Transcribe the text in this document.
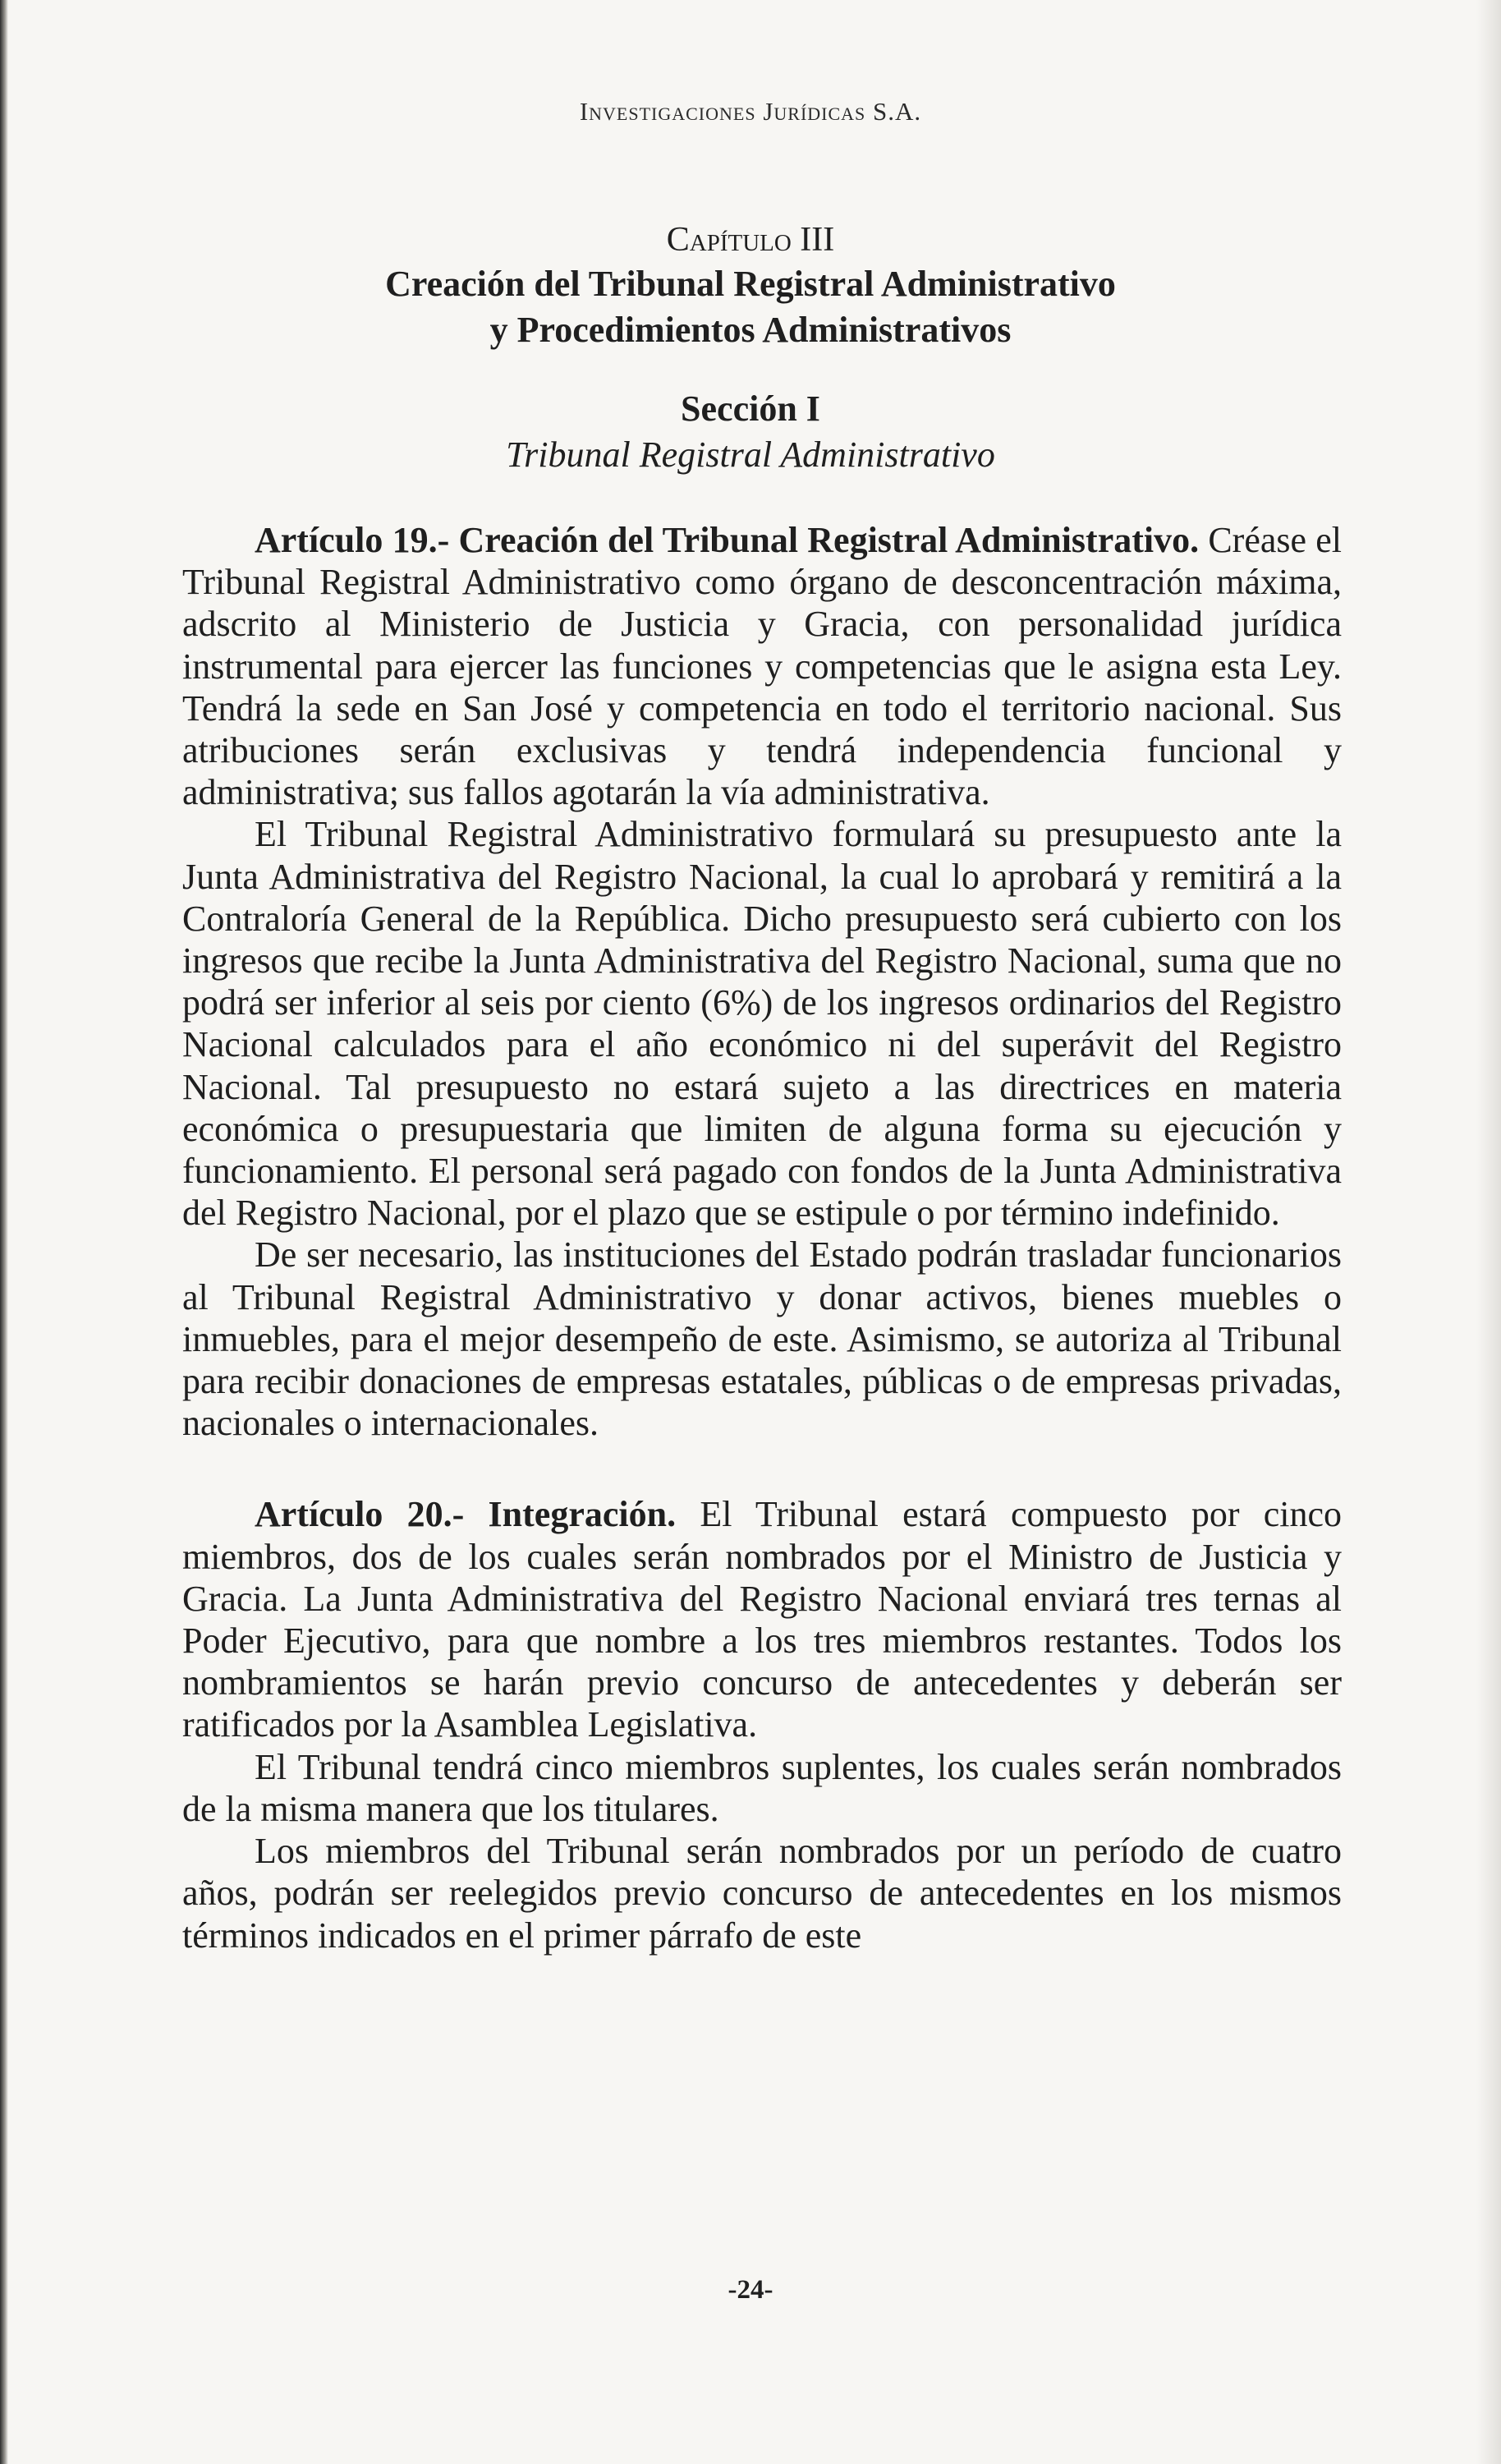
Investigaciones Jurídicas S.A.
Capítulo III
Creación del Tribunal Registral Administrativo
y Procedimientos Administrativos
Sección I
Tribunal Registral Administrativo

Artículo 19.- Creación del Tribunal Registral Administrativo. Créase el Tribunal Registral Administrativo como órgano de desconcentración máxima, adscrito al Ministerio de Justicia y Gracia, con personalidad jurídica instrumental para ejercer las funciones y competencias que le asigna esta Ley. Tendrá la sede en San José y competencia en todo el territorio nacional. Sus atribuciones serán exclusivas y tendrá independencia funcional y administrativa; sus fallos agotarán la vía administrativa.

El Tribunal Registral Administrativo formulará su presupuesto ante la Junta Administrativa del Registro Nacional, la cual lo aprobará y remitirá a la Contraloría General de la República. Dicho presupuesto será cubierto con los ingresos que recibe la Junta Administrativa del Registro Nacional, suma que no podrá ser inferior al seis por ciento (6%) de los ingresos ordinarios del Registro Nacional calculados para el año económico ni del superávit del Registro Nacional. Tal presupuesto no estará sujeto a las directrices en materia económica o presupuestaria que limiten de alguna forma su ejecución y funcionamiento. El personal será pagado con fondos de la Junta Administrativa del Registro Nacional, por el plazo que se estipule o por término indefinido.

De ser necesario, las instituciones del Estado podrán trasladar funcionarios al Tribunal Registral Administrativo y donar activos, bienes muebles o inmuebles, para el mejor desempeño de este. Asimismo, se autoriza al Tribunal para recibir donaciones de empresas estatales, públicas o de empresas privadas, nacionales o internacionales.

Artículo 20.- Integración. El Tribunal estará compuesto por cinco miembros, dos de los cuales serán nombrados por el Ministro de Justicia y Gracia. La Junta Administrativa del Registro Nacional enviará tres ternas al Poder Ejecutivo, para que nombre a los tres miembros restantes. Todos los nombramientos se harán previo concurso de antecedentes y deberán ser ratificados por la Asamblea Legislativa.

El Tribunal tendrá cinco miembros suplentes, los cuales serán nombrados de la misma manera que los titulares.

Los miembros del Tribunal serán nombrados por un período de cuatro años, podrán ser reelegidos previo concurso de antecedentes en los mismos términos indicados en el primer párrafo de este

-24-
